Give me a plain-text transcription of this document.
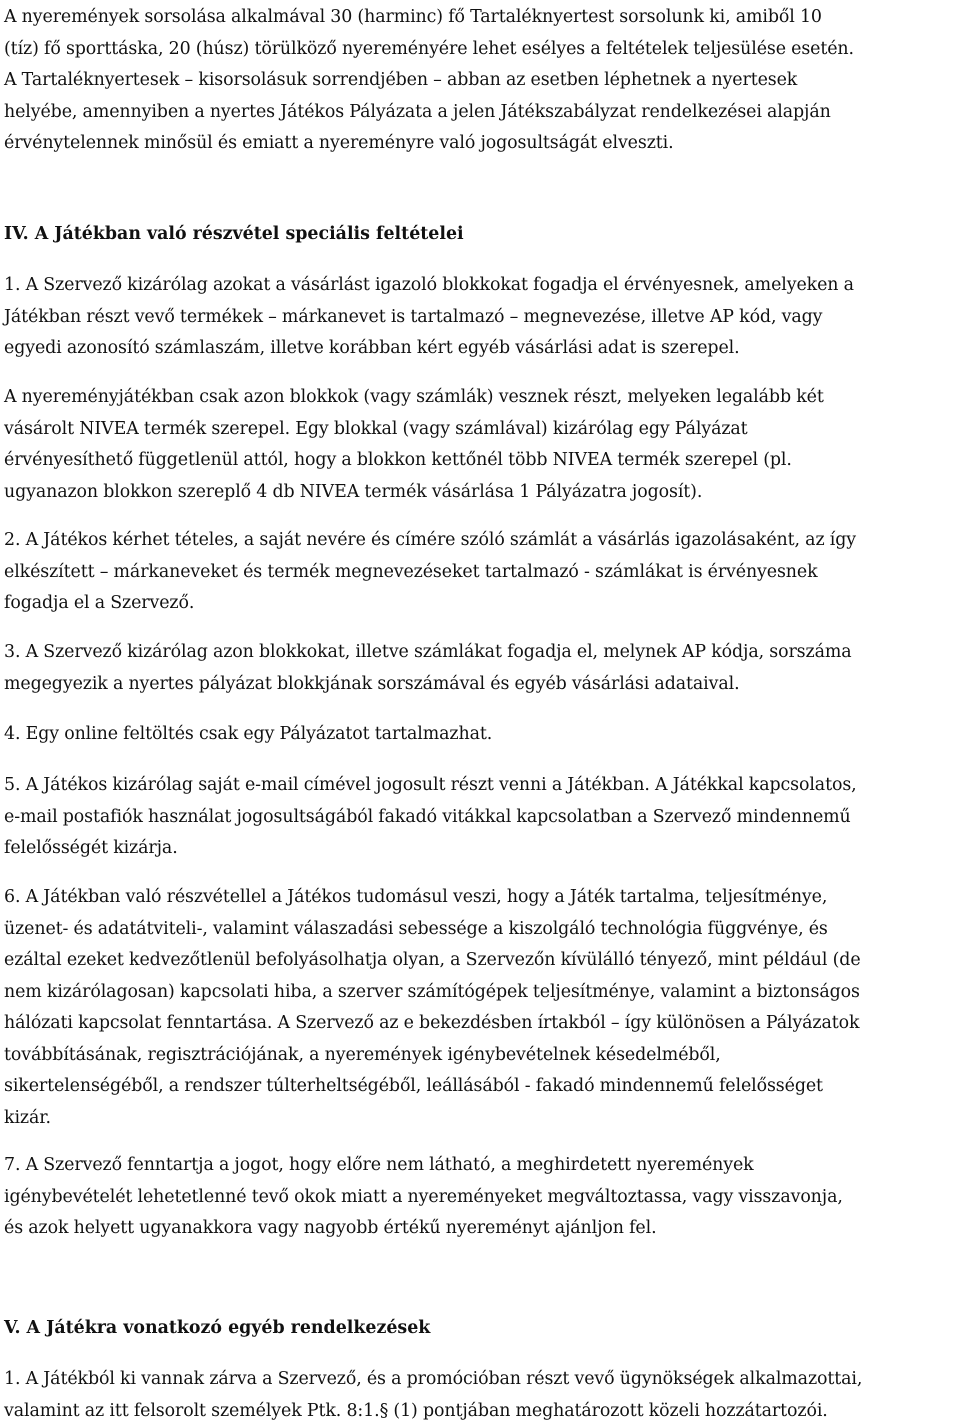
A nyeremények sorsolása alkalmával 30 (harminc) fő Tartaléknyertest sorsolunk ki, amiből 10
(tíz) fő sporttáska, 20 (húsz) törülköző nyereményére lehet esélyes a feltételek teljesülése esetén.
A Tartaléknyertesek – kisorsolásuk sorrendjében – abban az esetben léphetnek a nyertesek
helyébe, amennyiben a nyertes Játékos Pályázata a jelen Játékszabályzat rendelkezései alapján
érvénytelennek minősül és emiatt a nyereményre való jogosultságát elveszti.

IV. A Játékban való részvétel speciális feltételei

1. A Szervező kizárólag azokat a vásárlást igazoló blokkokat fogadja el érvényesnek, amelyeken a
Játékban részt vevő termékek – márkanevet is tartalmazó – megnevezése, illetve AP kód, vagy
egyedi azonosító számlaszám, illetve korábban kért egyéb vásárlási adat is szerepel.

A nyereményjátékban csak azon blokkok (vagy számlák) vesznek részt, melyeken legalább két
vásárolt NIVEA termék szerepel. Egy blokkal (vagy számlával) kizárólag egy Pályázat
érvényesíthető függetlenül attól, hogy a blokkon kettőnél több NIVEA termék szerepel (pl.
ugyanazon blokkon szereplő 4 db NIVEA termék vásárlása 1 Pályázatra jogosít).

2. A Játékos kérhet tételes, a saját nevére és címére szóló számlát a vásárlás igazolásaként, az így
elkészített – márkaneveket és termék megnevezéseket tartalmazó - számlákat is érvényesnek
fogadja el a Szervező.

3. A Szervező kizárólag azon blokkokat, illetve számlákat fogadja el, melynek AP kódja, sorszáma
megegyezik a nyertes pályázat blokkjának sorszámával és egyéb vásárlási adataival.

4. Egy online feltöltés csak egy Pályázatot tartalmazhat.

5. A Játékos kizárólag saját e-mail címével jogosult részt venni a Játékban. A Játékkal kapcsolatos,
e-mail postafiók használat jogosultságából fakadó vitákkal kapcsolatban a Szervező mindennemű
felelősségét kizárja.

6. A Játékban való részvétellel a Játékos tudomásul veszi, hogy a Játék tartalma, teljesítménye,
üzenet- és adatátviteli-, valamint válaszadási sebessége a kiszolgáló technológia függvénye, és
ezáltal ezeket kedvezőtlenül befolyásolhatja olyan, a Szervezőn kívülálló tényező, mint például (de
nem kizárólagosan) kapcsolati hiba, a szerver számítógépek teljesítménye, valamint a biztonságos
hálózati kapcsolat fenntartása. A Szervező az e bekezdésben írtakból – így különösen a Pályázatok
továbbításának, regisztrációjának, a nyeremények igénybevételnek késedelméből,
sikertelenségéből, a rendszer túlterheltségéből, leállásából - fakadó mindennemű felelősséget
kizár.

7. A Szervező fenntartja a jogot, hogy előre nem látható, a meghirdetett nyeremények
igénybevételét lehetetlenné tevő okok miatt a nyereményeket megváltoztassa, vagy visszavonja,
és azok helyett ugyanakkora vagy nagyobb értékű nyereményt ajánljon fel.

V. A Játékra vonatkozó egyéb rendelkezések

1. A Játékból ki vannak zárva a Szervező, és a promócióban részt vevő ügynökségek alkalmazottai,
valamint az itt felsorolt személyek Ptk. 8:1.§ (1) pontjában meghatározott közeli hozzátartozói.
